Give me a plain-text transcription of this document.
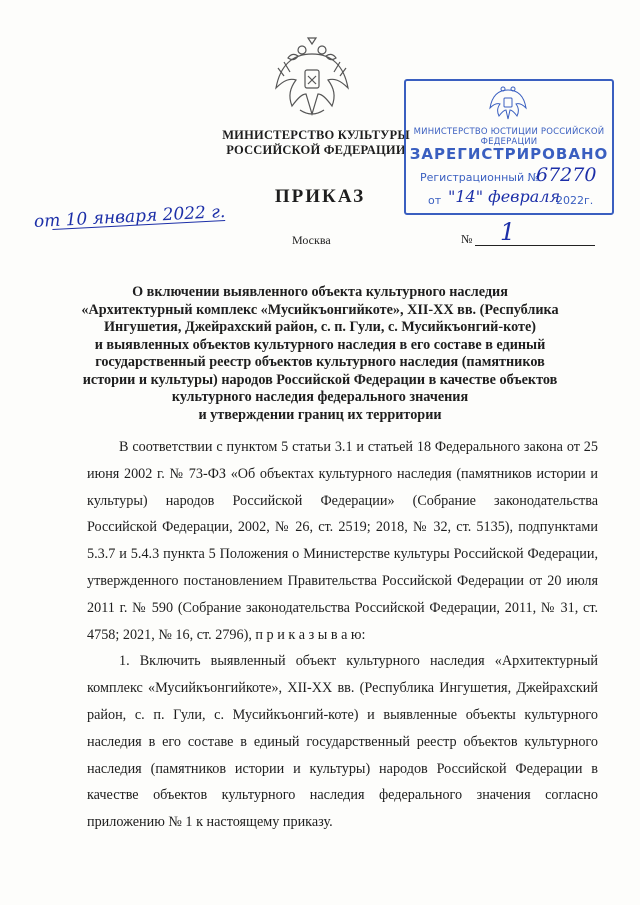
МИНИСТЕРСТВО КУЛЬТУРЫ
РОССИЙСКОЙ ФЕДЕРАЦИИ
ПРИКАЗ
от 10 января 2022 г.
Москва	№ 1
МИНИСТЕРСТВО ЮСТИЦИИ РОССИЙСКОЙ ФЕДЕРАЦИИ
ЗАРЕГИСТРИРОВАНО
Регистрационный №
67270
от "14" февраля
2022г.
О включении выявленного объекта культурного наследия
«Архитектурный комплекс «Мусийкъонгийкоте», XII-XX вв. (Республика
Ингушетия, Джейрахский район, с. п. Гули, с. Мусийкъонгий-коте)
и выявленных объектов культурного наследия в его составе в единый
государственный реестр объектов культурного наследия (памятников
истории и культуры) народов Российской Федерации в качестве объектов
культурного наследия федерального значения
и утверждении границ их территории

В соответствии с пунктом 5 статьи 3.1 и статьей 18 Федерального закона от 25 июня 2002 г. № 73-ФЗ «Об объектах культурного наследия (памятников истории и культуры) народов Российской Федерации» (Собрание законодательства Российской Федерации, 2002, № 26, ст. 2519; 2018, № 32, ст. 5135), подпунктами 5.3.7 и 5.4.3 пункта 5 Положения о Министерстве культуры Российской Федерации, утвержденного постановлением Правительства Российской Федерации от 20 июля 2011 г. № 590 (Собрание законодательства Российской Федерации, 2011, № 31, ст. 4758; 2021, № 16, ст. 2796), п р и к а з ы в а ю:

1. Включить выявленный объект культурного наследия «Архитектурный комплекс «Мусийкъонгийкоте», XII-XX вв. (Республика Ингушетия, Джейрахский район, с. п. Гули, с. Мусийкъонгий-коте) и выявленные объекты культурного наследия в его составе в единый государственный реестр объектов культурного наследия (памятников истории и культуры) народов Российской Федерации в качестве объектов культурного наследия федерального значения согласно приложению № 1 к настоящему приказу.
